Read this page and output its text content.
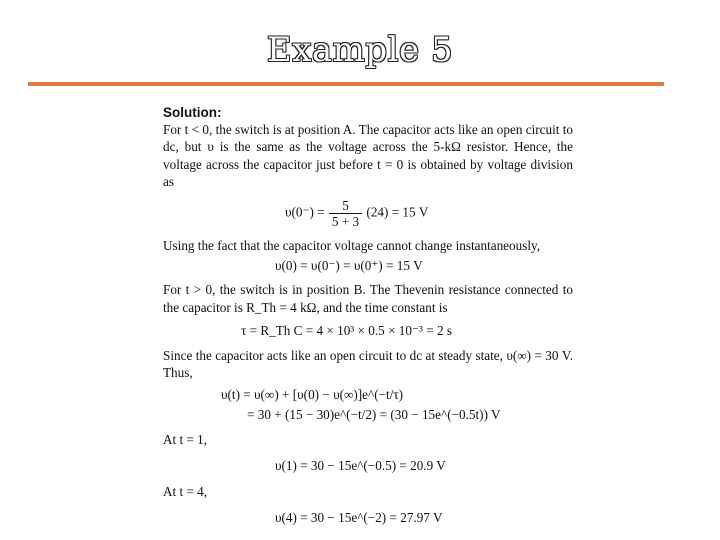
Example 5
Solution:

For t < 0, the switch is at position A. The capacitor acts like an open circuit to dc, but υ is the same as the voltage across the 5-kΩ resistor. Hence, the voltage across the capacitor just before t = 0 is obtained by voltage division as

$\upsilon(0^-) = \frac{5}{5 + 3} (24) = 15$ V

Using the fact that the capacitor voltage cannot change instantaneously,

υ(0) = υ(0⁻) = υ(0⁺) = 15 V

For t > 0, the switch is in position B. The Thevenin resistance connected to the capacitor is R_Th = 4 kΩ, and the time constant is

τ = R_Th C = 4 × 10³ × 0.5 × 10⁻³ = 2 s

Since the capacitor acts like an open circuit to dc at steady state, υ(∞) = 30 V. Thus,

υ(t) = υ(∞) + [υ(0) − υ(∞)]e^(−t/τ)
= 30 + (15 − 30)e^(−t/2) = (30 − 15e^(−0.5t)) V

At t = 1,

υ(1) = 30 − 15e^(−0.5) = 20.9 V

At t = 4,

υ(4) = 30 − 15e^(−2) = 27.97 V
